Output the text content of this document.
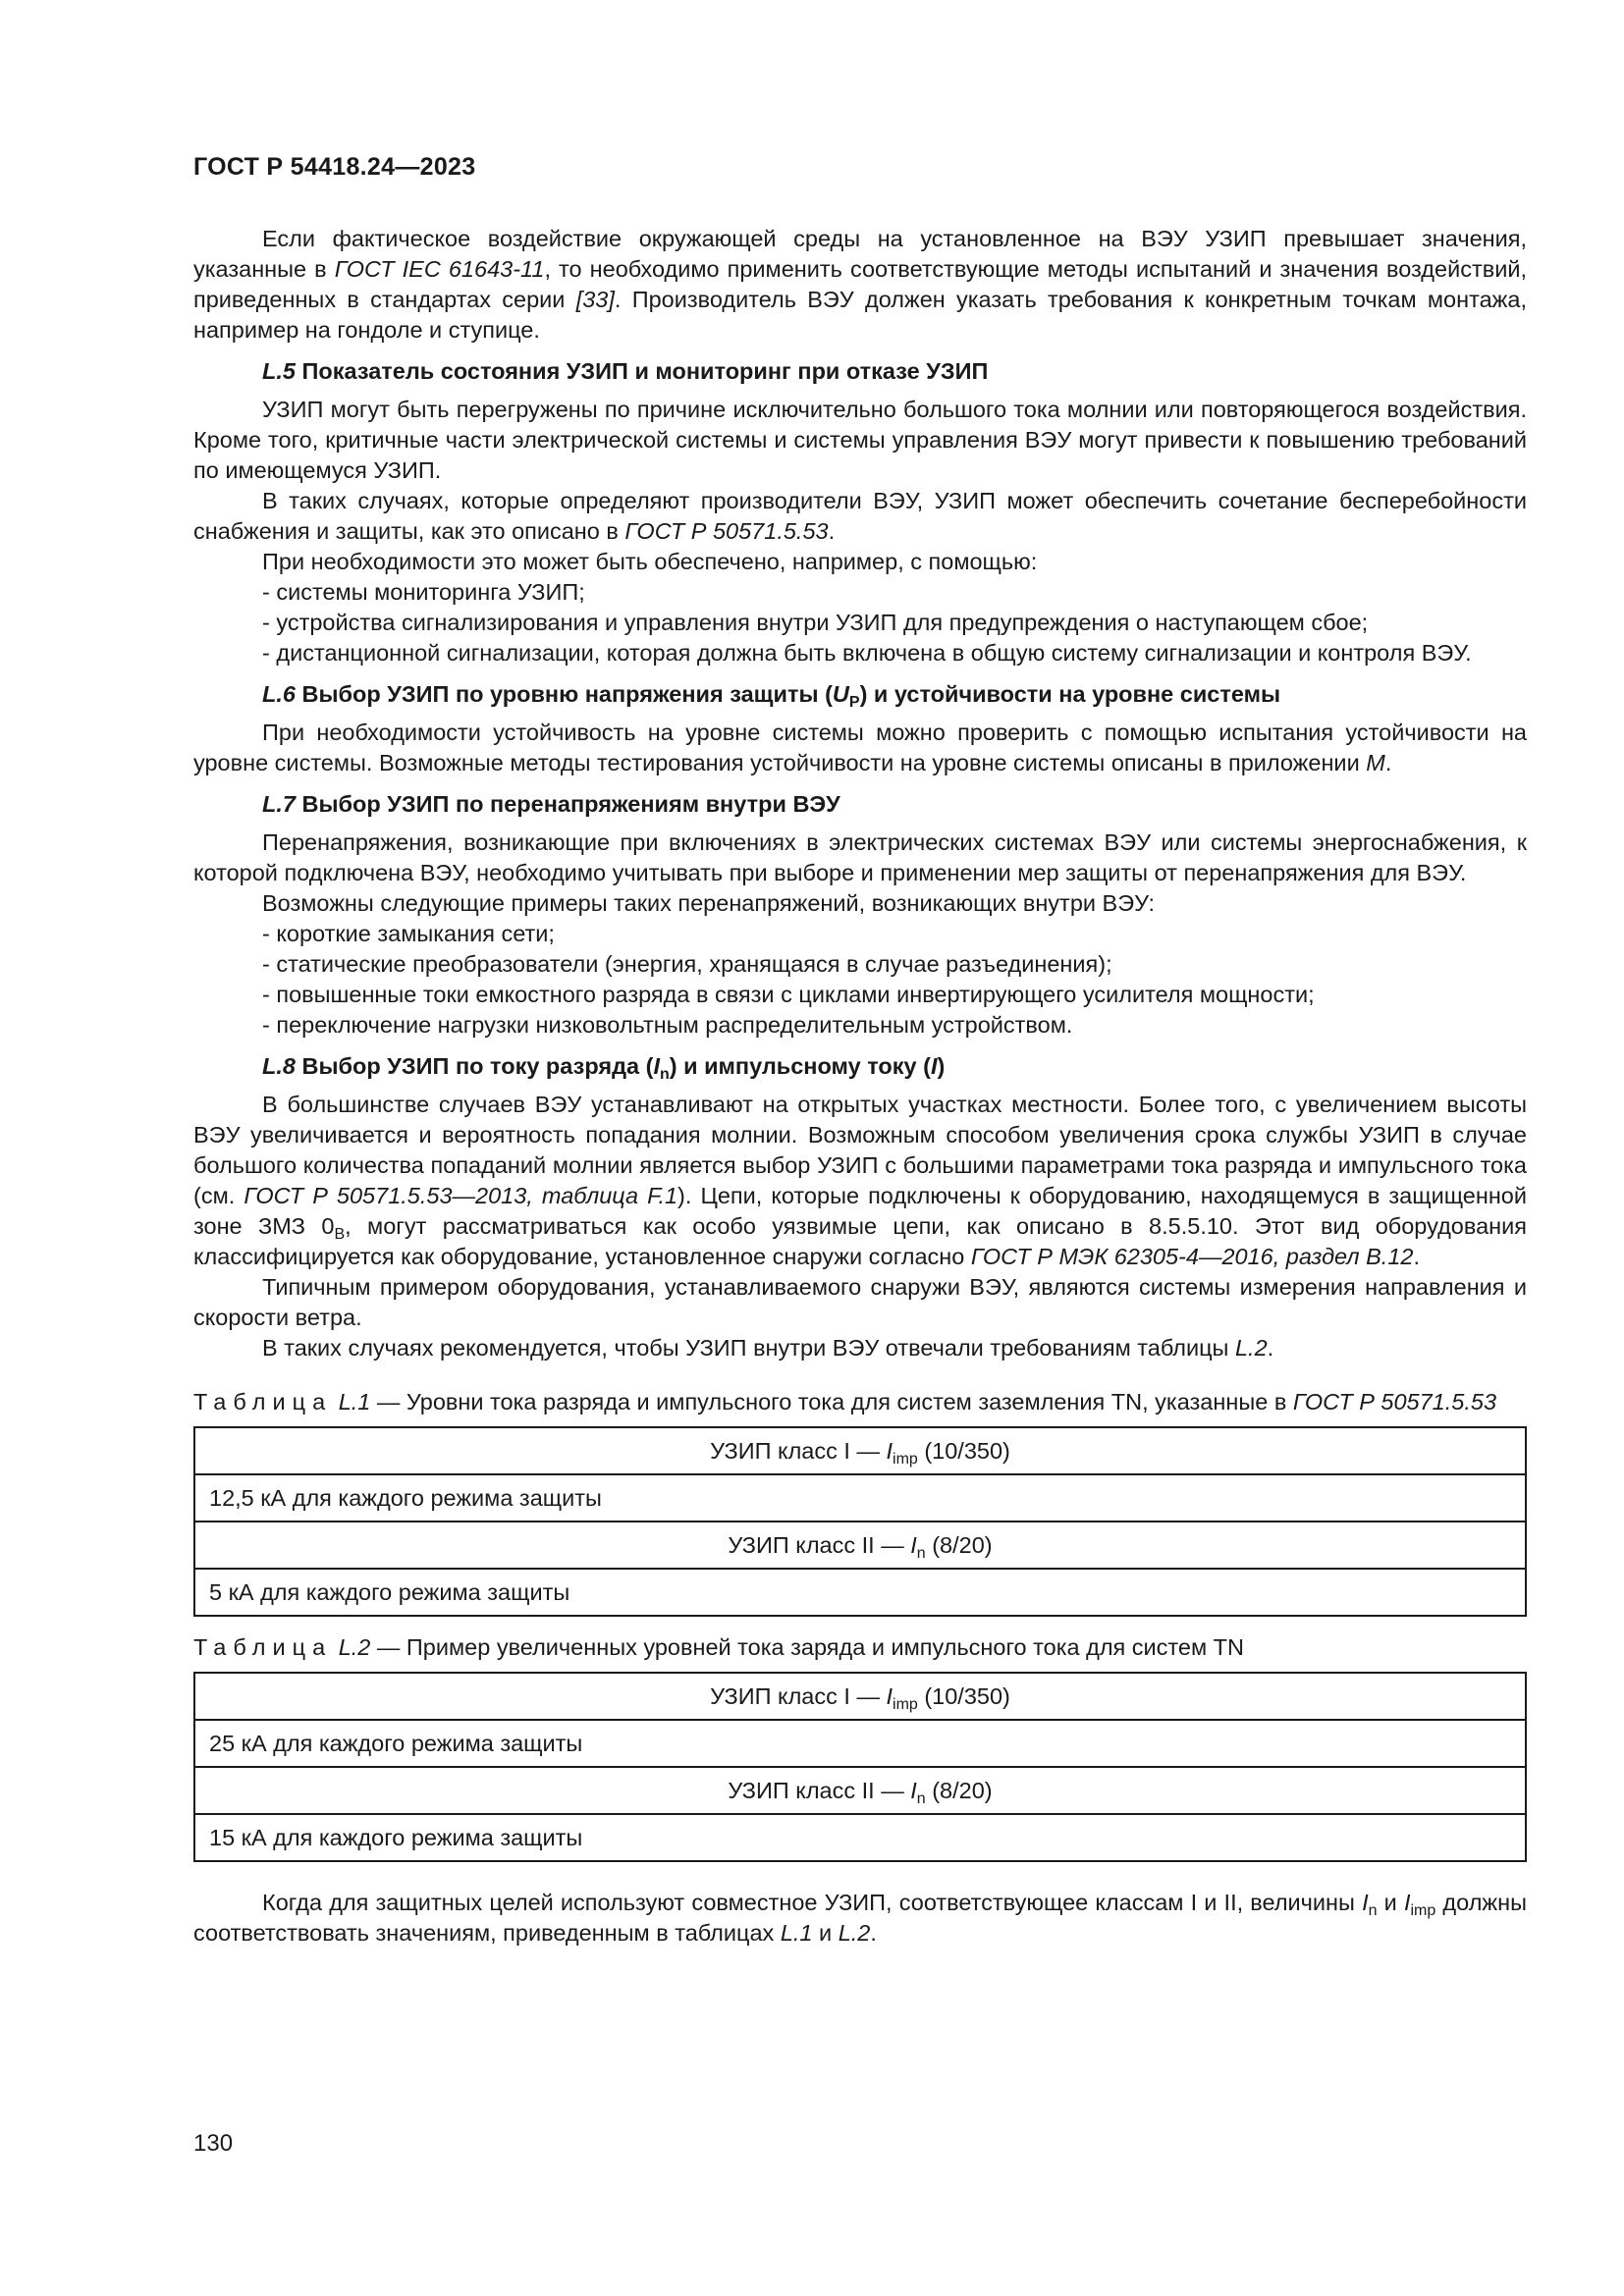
ГОСТ Р 54418.24—2023

Если фактическое воздействие окружающей среды на установленное на ВЭУ УЗИП превышает значения, указанные в ГОСТ IEC 61643-11, то необходимо применить соответствующие методы испытаний и значения воздействий, приведенных в стандартах серии [33]. Производитель ВЭУ должен указать требования к конкретным точкам монтажа, например на гондоле и ступице.

L.5 Показатель состояния УЗИП и мониторинг при отказе УЗИП

УЗИП могут быть перегружены по причине исключительно большого тока молнии или повторяющегося воздействия. Кроме того, критичные части электрической системы и системы управления ВЭУ могут привести к повышению требований по имеющемуся УЗИП.

В таких случаях, которые определяют производители ВЭУ, УЗИП может обеспечить сочетание бесперебойности снабжения и защиты, как это описано в ГОСТ Р 50571.5.53.

При необходимости это может быть обеспечено, например, с помощью:

- системы мониторинга УЗИП;

- устройства сигнализирования и управления внутри УЗИП для предупреждения о наступающем сбое;

- дистанционной сигнализации, которая должна быть включена в общую систему сигнализации и контроля ВЭУ.

L.6 Выбор УЗИП по уровню напряжения защиты $(U_P)$ и устойчивости на уровне системы

При необходимости устойчивость на уровне системы можно проверить с помощью испытания устойчивости на уровне системы. Возможные методы тестирования устойчивости на уровне системы описаны в приложении М.

L.7 Выбор УЗИП по перенапряжениям внутри ВЭУ

Перенапряжения, возникающие при включениях в электрических системах ВЭУ или системы энергоснабжения, к которой подключена ВЭУ, необходимо учитывать при выборе и применении мер защиты от перенапряжения для ВЭУ.

Возможны следующие примеры таких перенапряжений, возникающих внутри ВЭУ:

- короткие замыкания сети;

- статические преобразователи (энергия, хранящаяся в случае разъединения);

- повышенные токи емкостного разряда в связи с циклами инвертирующего усилителя мощности;

- переключение нагрузки низковольтным распределительным устройством.

L.8 Выбор УЗИП по току разряда $(I_n)$ и импульсному току (I)

В большинстве случаев ВЭУ устанавливают на открытых участках местности. Более того, с увеличением высоты ВЭУ увеличивается и вероятность попадания молнии. Возможным способом увеличения срока службы УЗИП в случае большого количества попаданий молнии является выбор УЗИП с большими параметрами тока разряда и импульсного тока (см. ГОСТ Р 50571.5.53—2013, таблица F.1). Цепи, которые подключены к оборудованию, находящемуся в защищенной зоне ЗМЗ $0_B$, могут рассматриваться как особо уязвимые цепи, как описано в 8.5.5.10. Этот вид оборудования классифицируется как оборудование, установленное снаружи согласно ГОСТ Р МЭК 62305-4—2016, раздел B.12.

Типичным примером оборудования, устанавливаемого снаружи ВЭУ, являются системы измерения направления и скорости ветра.

В таких случаях рекомендуется, чтобы УЗИП внутри ВЭУ отвечали требованиям таблицы L.2.

Таблица L.1 — Уровни тока разряда и импульсного тока для систем заземления TN, указанные в ГОСТ Р 50571.5.53
УЗИП класс I — $I_{imp}$ (10/350)
12,5 кА для каждого режима защиты
УЗИП класс II — $I_n$ (8/20)
5 кА для каждого режима защиты
Таблица L.2 — Пример увеличенных уровней тока заряда и импульсного тока для систем TN
УЗИП класс I — $I_{imp}$ (10/350)
25 кА для каждого режима защиты
УЗИП класс II — $I_n$ (8/20)
15 кА для каждого режима защиты

Когда для защитных целей используют совместное УЗИП, соответствующее классам I и II, величины $I_n$ и $I_{imp}$ должны соответствовать значениям, приведенным в таблицах L.1 и L.2.

130
